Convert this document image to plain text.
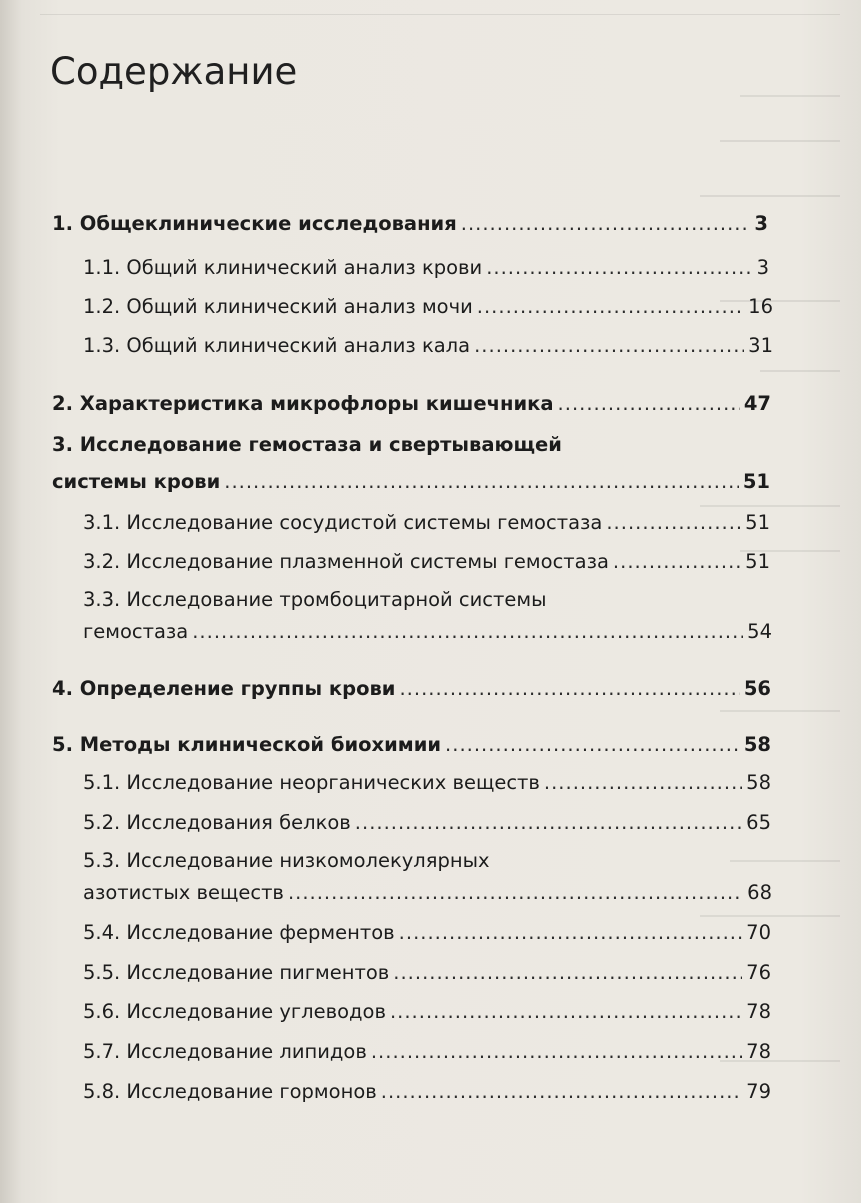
Содержание
1.
Общеклинические исследования .....	3
1.1. Общий клинический анализ крови .....	3
1.2. Общий клинический анализ мочи .....	16
1.3. Общий клинический анализ кала .....	31
2.
Характеристика микрофлоры кишечника .....	47
3. Исследование гемостаза и свертывающей
системы крови .....	51
3.1. Исследование сосудистой системы гемостаза .....	51
3.2. Исследование плазменной системы гемостаза .....	51
3.3. Исследование тромбоцитарной системы
гемостаза .....	54
4.
Определение группы крови .....	56
5.
Методы клинической биохимии .....	58
5.1. Исследование неорганических веществ .....	58
5.2. Исследования белков .....	65
5.3. Исследование низкомолекулярных
азотистых веществ .....	68
5.4. Исследование ферментов .....	70
5.5. Исследование пигментов .....	76
5.6. Исследование углеводов .....	78
5.7. Исследование липидов .....	78
5.8. Исследование гормонов .....	79
